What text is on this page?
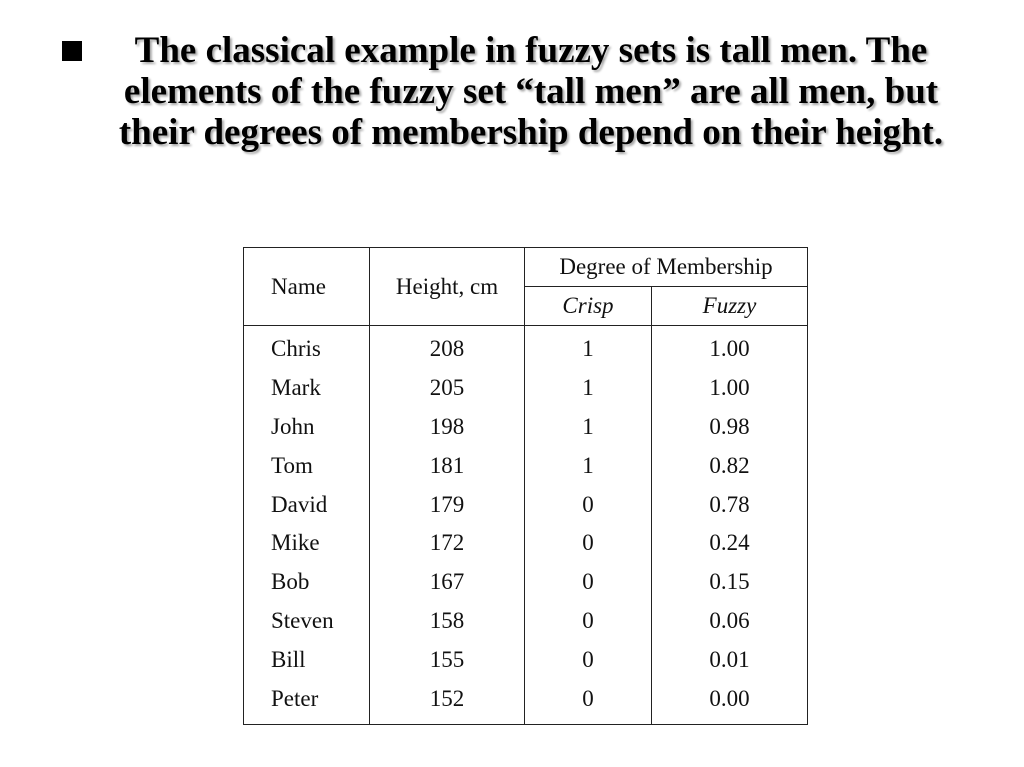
The classical example in fuzzy sets is tall men. The elements of the fuzzy set “tall men” are all men, but their degrees of membership depend on their height.

Name	Height, cm	Degree of Membership	
		Crisp	Fuzzy
Chris	208	1	1.00
Mark	205	1	1.00
John	198	1	0.98
Tom	181	1	0.82
David	179	0	0.78
Mike	172	0	0.24
Bob	167	0	0.15
Steven	158	0	0.06
Bill	155	0	0.01
Peter	152	0	0.00
